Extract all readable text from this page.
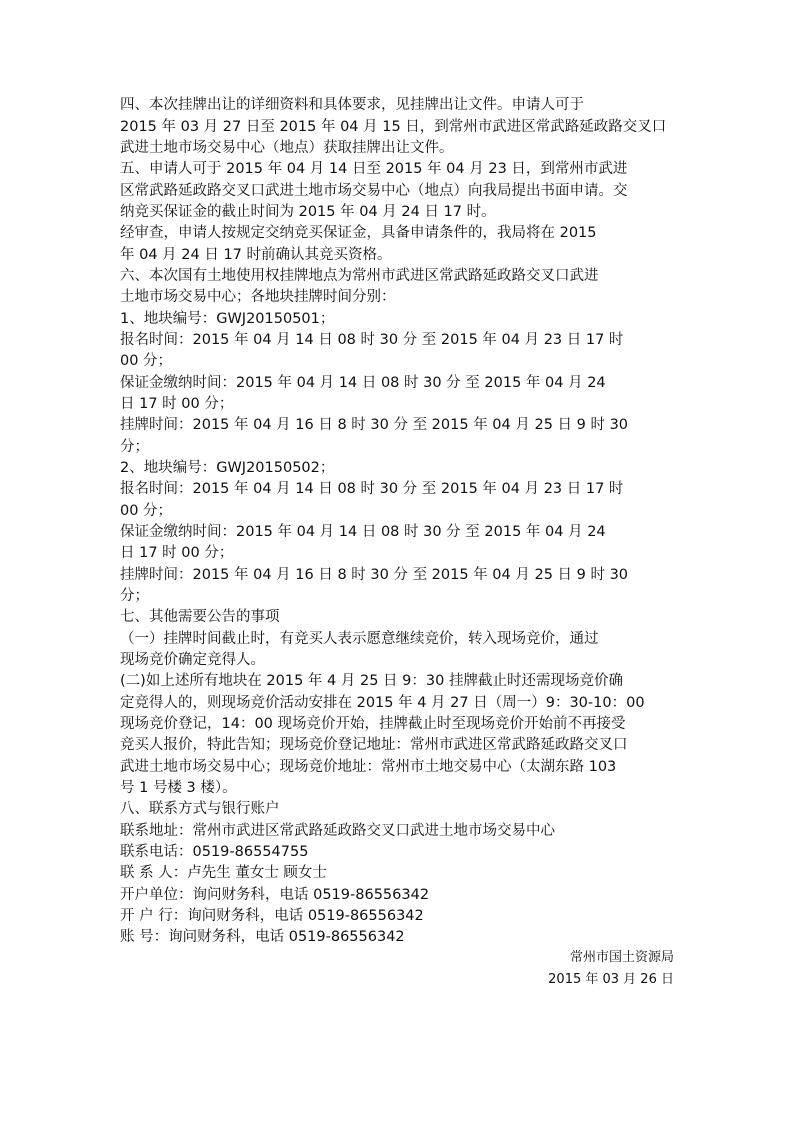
四、本次挂牌出让的详细资料和具体要求，见挂牌出让文件。申请人可于
2015 年 03 月 27 日至 2015 年 04 月 15 日，到常州市武进区常武路延政路交叉口
武进土地市场交易中心（地点）获取挂牌出让文件。
五、申请人可于 2015 年 04 月 14 日至 2015 年 04 月 23 日，到常州市武进
区常武路延政路交叉口武进土地市场交易中心（地点）向我局提出书面申请。交
纳竞买保证金的截止时间为 2015 年 04 月 24 日 17 时。
经审查，申请人按规定交纳竞买保证金，具备申请条件的，我局将在 2015
年 04 月 24 日 17 时前确认其竞买资格。
六、本次国有土地使用权挂牌地点为常州市武进区常武路延政路交叉口武进
土地市场交易中心；各地块挂牌时间分别：
1、地块编号：GWJ20150501；
报名时间：2015 年 04 月 14 日 08 时 30 分 至 2015 年 04 月 23 日 17 时
00 分；
保证金缴纳时间：2015 年 04 月 14 日 08 时 30 分 至 2015 年 04 月 24
日 17 时 00 分；
挂牌时间：2015 年 04 月 16 日 8 时 30 分 至 2015 年 04 月 25 日 9 时 30
分；
2、地块编号：GWJ20150502；
报名时间：2015 年 04 月 14 日 08 时 30 分 至 2015 年 04 月 23 日 17 时
00 分；
保证金缴纳时间：2015 年 04 月 14 日 08 时 30 分 至 2015 年 04 月 24
日 17 时 00 分；
挂牌时间：2015 年 04 月 16 日 8 时 30 分 至 2015 年 04 月 25 日 9 时 30
分；
七、其他需要公告的事项
（一）挂牌时间截止时，有竞买人表示愿意继续竞价，转入现场竞价，通过
现场竞价确定竞得人。
(二)如上述所有地块在 2015 年 4 月 25 日 9：30 挂牌截止时还需现场竞价确
定竞得人的，则现场竞价活动安排在 2015 年 4 月 27 日（周一）9：30-10：00
现场竞价登记，14：00 现场竞价开始，挂牌截止时至现场竞价开始前不再接受
竞买人报价，特此告知；现场竞价登记地址：常州市武进区常武路延政路交叉口
武进土地市场交易中心；现场竞价地址：常州市土地交易中心（太湖东路 103
号 1 号楼 3 楼）。
八、联系方式与银行账户
联系地址：常州市武进区常武路延政路交叉口武进土地市场交易中心
联系电话：0519-86554755
联 系 人：卢先生 董女士 顾女士
开户单位：询问财务科，电话 0519-86556342
开 户 行：询问财务科，电话 0519-86556342
账 号：询问财务科，电话 0519-86556342
常州市国土资源局
2015 年 03 月 26 日
